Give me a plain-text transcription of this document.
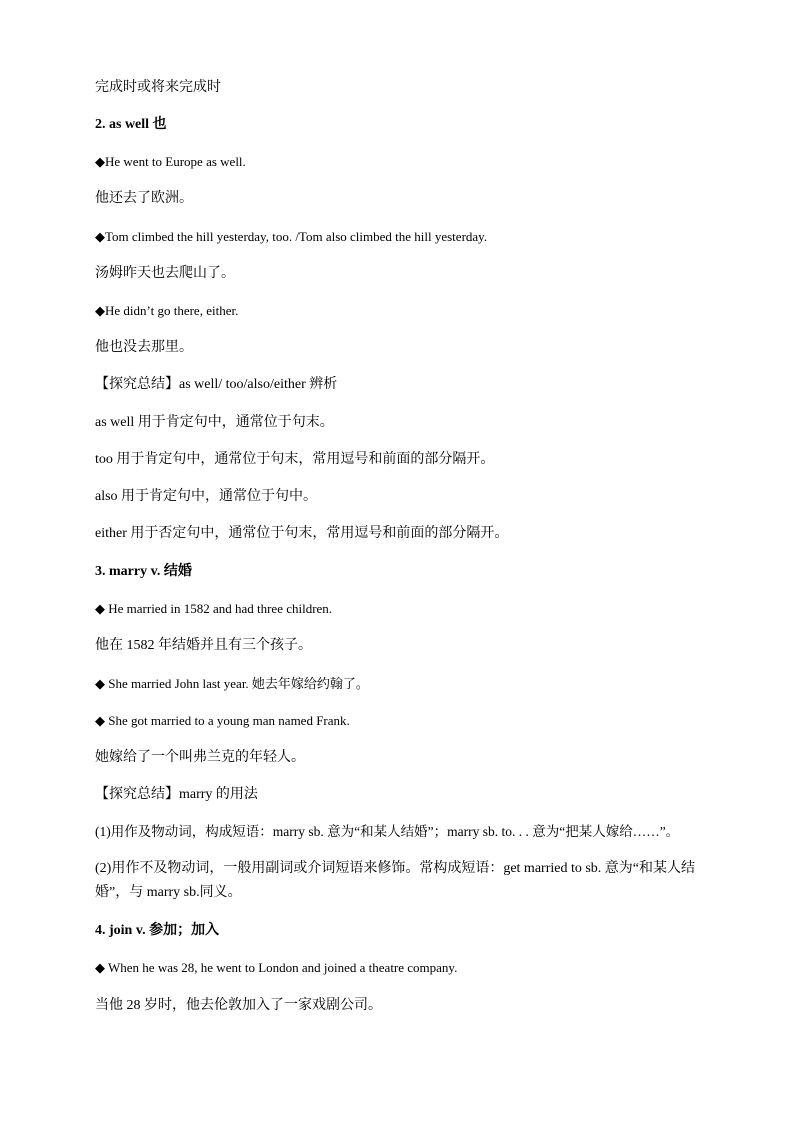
完成时或将来完成时
2. as well 也
◆He went to Europe as well.
他还去了欧洲。
◆Tom climbed the hill yesterday, too. /Tom also climbed the hill yesterday.
汤姆昨天也去爬山了。
◆He didn’t go there, either.
他也没去那里。
【探究总结】as well/ too/also/either 辨析
as well 用于肯定句中，通常位于句末。
too 用于肯定句中，通常位于句末，常用逗号和前面的部分隔开。
also 用于肯定句中，通常位于句中。
either 用于否定句中，通常位于句末，常用逗号和前面的部分隔开。
3. marry v. 结婚
◆ He married in 1582 and had three children.
他在 1582 年结婚并且有三个孩子。
◆ She married John last year. 她去年嫁给约翰了。
◆ She got married to a young man named Frank.
她嫁给了一个叫弗兰克的年轻人。
【探究总结】marry 的用法
(1)用作及物动词，构成短语：marry sb. 意为“和某人结婚”；marry sb. to. . . 意为“把某人嫁给……”。
(2)用作不及物动词，一般用副词或介词短语来修饰。常构成短语：get married to sb. 意为“和某人结婚”，与 marry sb.同义。
4. join v. 参加；加入
◆ When he was 28, he went to London and joined a theatre company.
当他 28 岁时，他去伦敦加入了一家戏剧公司。
